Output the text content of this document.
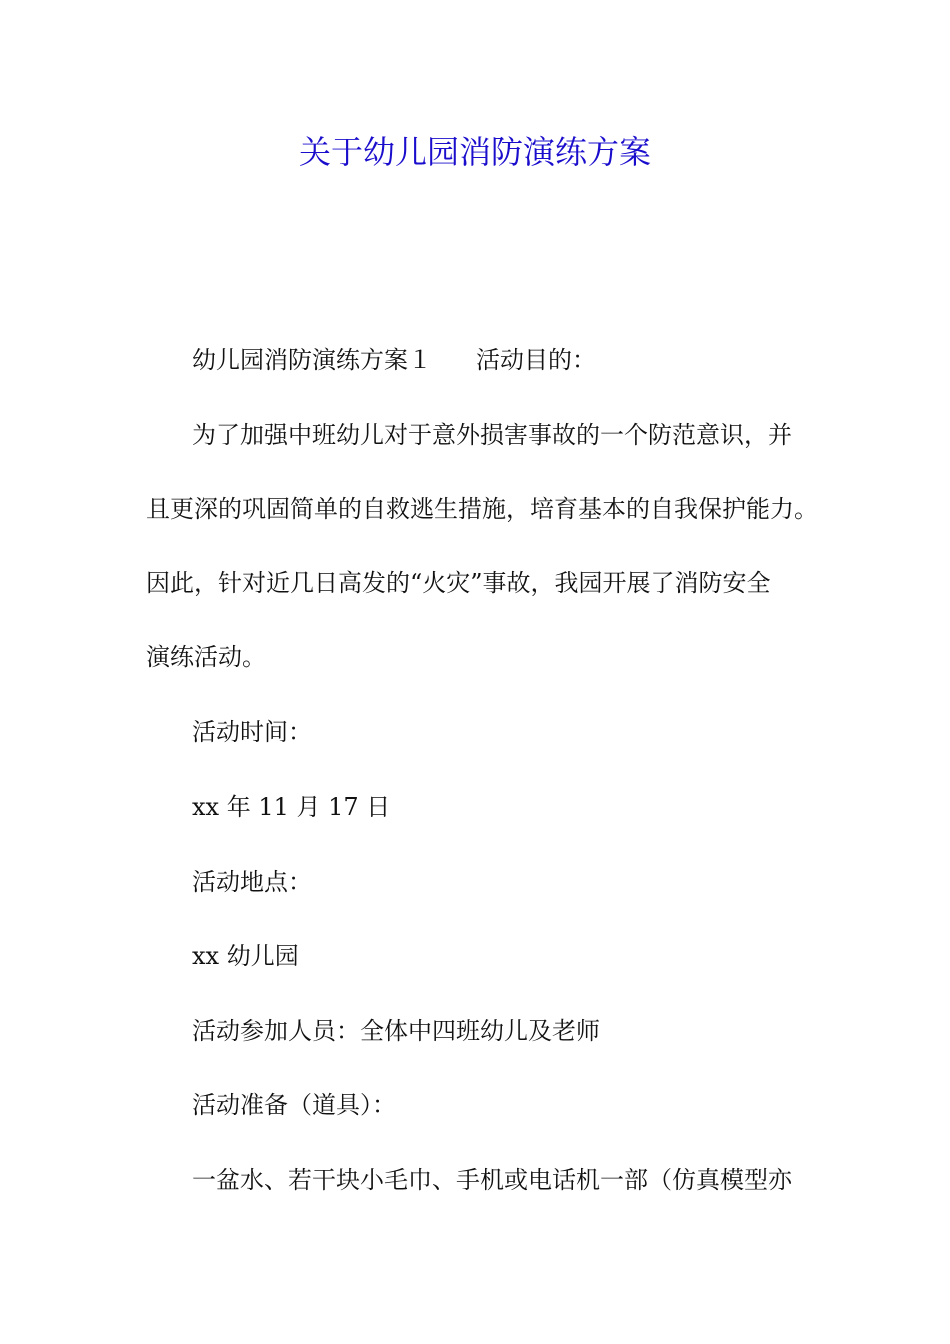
关于幼儿园消防演练方案

幼儿园消防演练方案１ 活动目的：

为了加强中班幼儿对于意外损害事故的一个防范意识，并
且更深的巩固简单的自救逃生措施，培育基本的自我保护能力。
因此，针对近几日高发的“火灾”事故，我园开展了消防安全
演练活动。

活动时间：

xx 年 11 月 17 日

活动地点：

xx 幼儿园

活动参加人员：全体中四班幼儿及老师

活动准备（道具）：

一盆水、若干块小毛巾、手机或电话机一部（仿真模型亦
